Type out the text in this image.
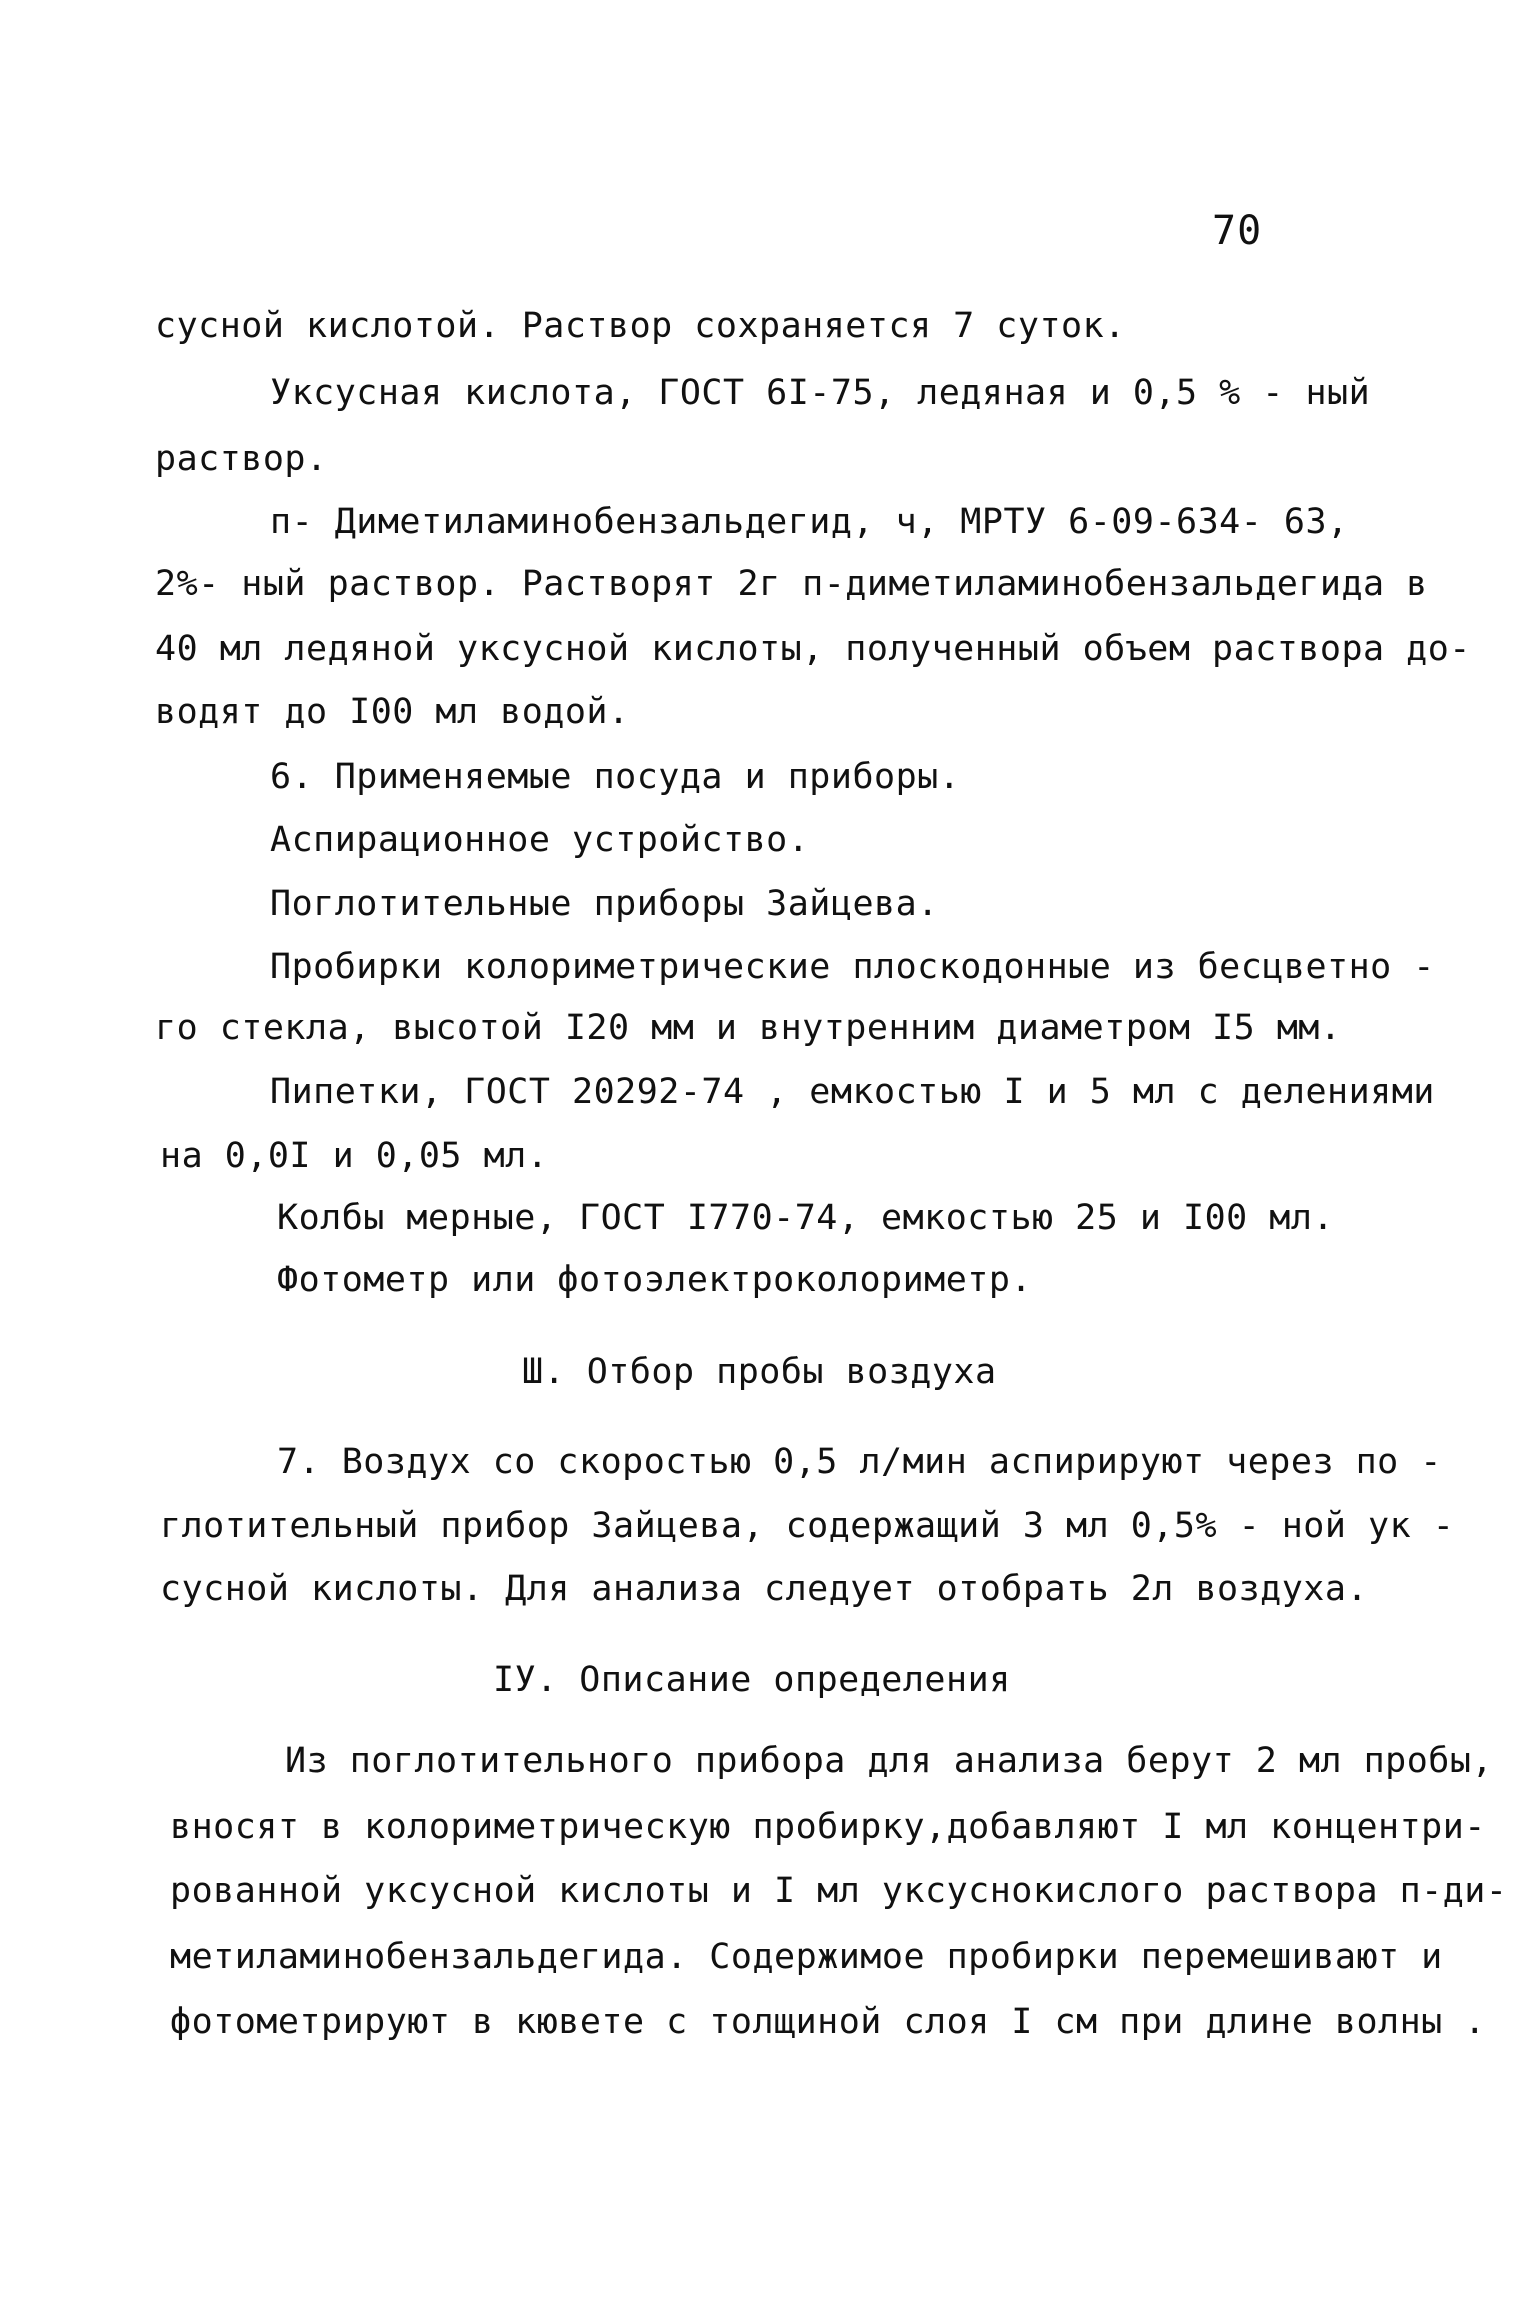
70
сусной кислотой. Раствор сохраняется 7 суток.
Уксусная кислота, ГОСТ 6I-75, ледяная и 0,5 % - ный
раствор.
п- Диметиламинобензальдегид, ч, МРТУ 6-09-634- 63,
2%- ный раствор. Растворят 2г п-диметиламинобензальдегида в
40 мл ледяной уксусной кислоты, полученный объем раствора до-
водят до I00 мл водой.
6. Применяемые посуда и приборы.
Аспирационное устройство.
Поглотительные приборы Зайцева.
Пробирки колориметрические плоскодонные из бесцветно -
го стекла, высотой I20 мм и внутренним диаметром I5 мм.
Пипетки, ГОСТ 20292-74 , емкостью I и 5 мл с делениями
на 0,0I и 0,05 мл.
Колбы мерные, ГОСТ I770-74, емкостью 25 и I00 мл.
Фотометр или фотоэлектроколориметр.
Ш. Отбор пробы воздуха
7. Воздух со скоростью 0,5 л/мин аспирируют через по -
глотительный прибор Зайцева, содержащий 3 мл 0,5% - ной ук -
сусной кислоты. Для анализа следует отобрать 2л воздуха.
IУ. Описание определения
Из поглотительного прибора для анализа берут 2 мл пробы,
вносят в колориметрическую пробирку,добавляют I мл концентри-
рованной уксусной кислоты и I мл уксуснокислого раствора п-ди-
метиламинобензальдегида. Содержимое пробирки перемешивают и
фотометрируют в кювете с толщиной слоя I см при длине волны .
